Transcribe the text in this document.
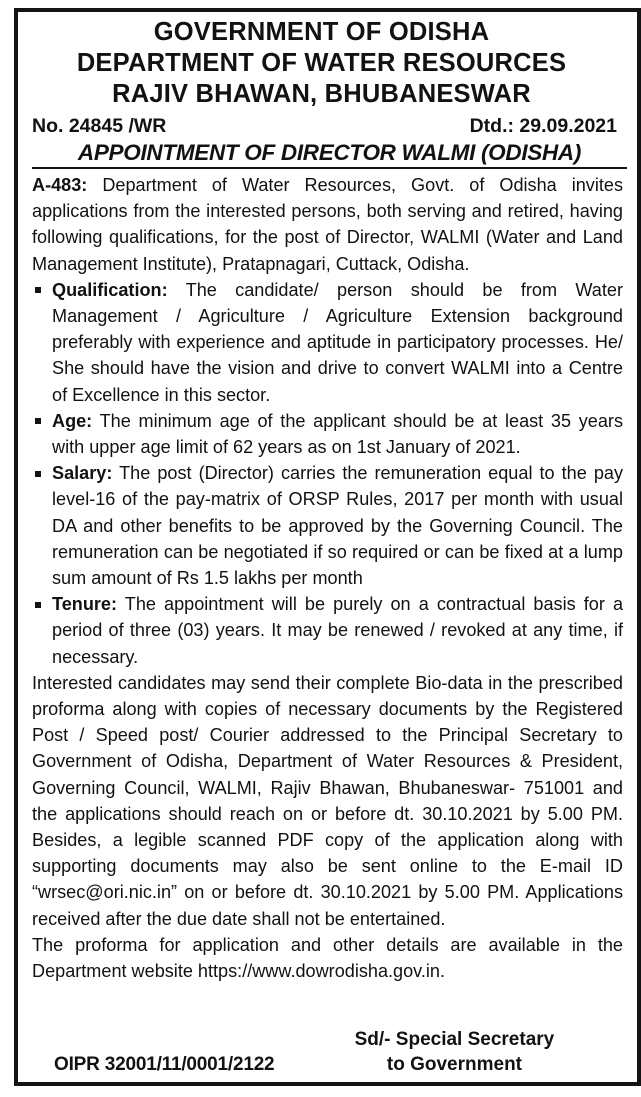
GOVERNMENT OF ODISHA
DEPARTMENT OF WATER RESOURCES
RAJIV BHAWAN, BHUBANESWAR
No. 24845 /WR	Dtd.: 29.09.2021
APPOINTMENT OF DIRECTOR WALMI (ODISHA)

A-483: Department of Water Resources, Govt. of Odisha invites applications from the interested persons, both serving and retired, having following qualifications, for the post of Director, WALMI (Water and Land Management Institute), Pratapnagari, Cuttack, Odisha.

Qualification: The candidate/ person should be from Water Management / Agriculture / Agriculture Extension background preferably with experience and aptitude in participatory processes. He/ She should have the vision and drive to convert WALMI into a Centre of Excellence in this sector.
Age: The minimum age of the applicant should be at least 35 years with upper age limit of 62 years as on 1st January of 2021.
Salary: The post (Director) carries the remuneration equal to the pay level-16 of the pay-matrix of ORSP Rules, 2017 per month with usual DA and other benefits to be approved by the Governing Council. The remuneration can be negotiated if so required or can be fixed at a lump sum amount of Rs 1.5 lakhs per month
Tenure: The appointment will be purely on a contractual basis for a period of three (03) years. It may be renewed / revoked at any time, if necessary.

Interested candidates may send their complete Bio-data in the prescribed proforma along with copies of necessary documents by the Registered Post / Speed post/ Courier addressed to the Principal Secretary to Government of Odisha, Department of Water Resources & President, Governing Council, WALMI, Rajiv Bhawan, Bhubaneswar- 751001 and the applications should reach on or before dt. 30.10.2021 by 5.00 PM. Besides, a legible scanned PDF copy of the application along with supporting documents may also be sent online to the E-mail ID “wrsec@ori.nic.in” on or before dt. 30.10.2021 by 5.00 PM. Applications received after the due date shall not be entertained.

The proforma for application and other details are available in the Department website https://www.dowrodisha.gov.in.

Sd/- Special Secretary
OIPR 32001/11/0001/2122	to Government
